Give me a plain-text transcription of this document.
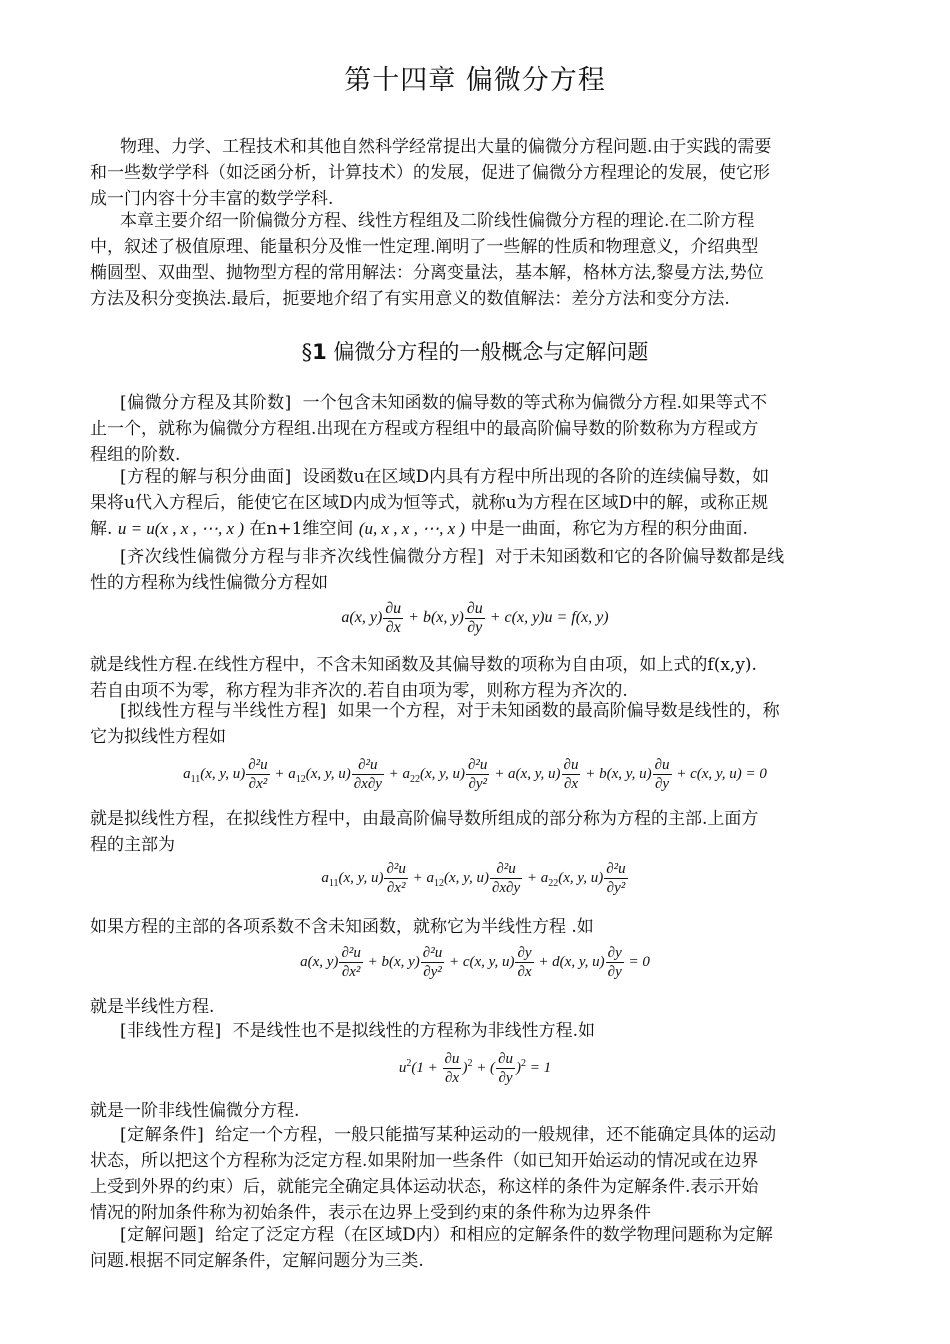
第十四章 偏微分方程
物理、力学、工程技术和其他自然科学经常提出大量的偏微分方程问题.由于实践的需要
和一些数学学科（如泛函分析，计算技术）的发展，促进了偏微分方程理论的发展，使它形
成一门内容十分丰富的数学学科.
本章主要介绍一阶偏微分方程、线性方程组及二阶线性偏微分方程的理论.在二阶方程
中，叙述了极值原理、能量积分及惟一性定理.阐明了一些解的性质和物理意义，介绍典型
椭圆型、双曲型、抛物型方程的常用解法：分离变量法，基本解，格林方法,黎曼方法,势位
方法及积分变换法.最后，扼要地介绍了有实用意义的数值解法：差分方法和变分方法.
§1 偏微分方程的一般概念与定解问题
[偏微分方程及其阶数] 一个包含未知函数的偏导数的等式称为偏微分方程.如果等式不
止一个，就称为偏微分方程组.出现在方程或方程组中的最高阶偏导数的阶数称为方程或方
程组的阶数.
[方程的解与积分曲面] 设函数u在区域D内具有方程中所出现的各阶的连续偏导数，如
果将u代入方程后，能使它在区域D内成为恒等式，就称u为方程在区域D中的解，或称正规
解. u = u(x , x , ⋯, x ) 在n+1维空间 (u, x , x , ⋯, x ) 中是一曲面，称它为方程的积分曲面.
[齐次线性偏微分方程与非齐次线性偏微分方程] 对于未知函数和它的各阶偏导数都是线
性的方程称为线性偏微分方程如
a(x, $y) \frac{\partial u}{\partial x} + b(x$, $y) \frac{\partial u}{\partial y} + c(x$, y)u = f(x, y)
就是线性方程.在线性方程中，不含未知函数及其偏导数的项称为自由项，如上式的f(x,y).
若自由项不为零，称方程为非齐次的.若自由项为零，则称方程为齐次的.
[拟线性方程与半线性方程] 如果一个方程，对于未知函数的最高阶偏导数是线性的，称
它为拟线性方程如
$a_{11}(x$, y, $u) \frac{\text{∂²u}}{\text{∂x²}} + a_{12}(x$, y, $u) \frac{\text{∂²u}}{\partial x\partial y} + a_{22}(x$, y, $u) \frac{\text{∂²u}}{\text{∂y²}} + a(x$, y, $u) \frac{\partial u}{\partial x} + b(x$, y, $u) \frac{\partial u}{\partial y} + c(x$, y, u) = 0
就是拟线性方程，在拟线性方程中，由最高阶偏导数所组成的部分称为方程的主部.上面方
程的主部为
$a_{11}(x$, y, $u) \frac{\text{∂²u}}{\text{∂x²}} + a_{12}(x$, y, $u) \frac{\text{∂²u}}{\partial x\partial y} + a_{22}(x$, y, $u) \frac{\text{∂²u}}{\text{∂y²}}$
如果方程的主部的各项系数不含未知函数，就称它为半线性方程 .如
a(x, $y) \frac{\text{∂²u}}{\text{∂x²}} + b(x$, $y) \frac{\text{∂²u}}{\text{∂y²}} + c(x$, y, $u) \frac{\partial y}{\partial x} + d(x$, y, $u) \frac{\partial y}{\partial y} = 0$
就是半线性方程.
[非线性方程] 不是线性也不是拟线性的方程称为非线性方程.如
$u^2(1 + \frac{\partial u}{\partial x} )^2$ + ( $\frac{\partial u}{\partial y} )^2 = 1$
就是一阶非线性偏微分方程.
[定解条件] 给定一个方程，一般只能描写某种运动的一般规律，还不能确定具体的运动
状态，所以把这个方程称为泛定方程.如果附加一些条件（如已知开始运动的情况或在边界
上受到外界的约束）后，就能完全确定具体运动状态，称这样的条件为定解条件.表示开始
情况的附加条件称为初始条件，表示在边界上受到约束的条件称为边界条件
[定解问题] 给定了泛定方程（在区域D内）和相应的定解条件的数学物理问题称为定解
问题.根据不同定解条件，定解问题分为三类.
